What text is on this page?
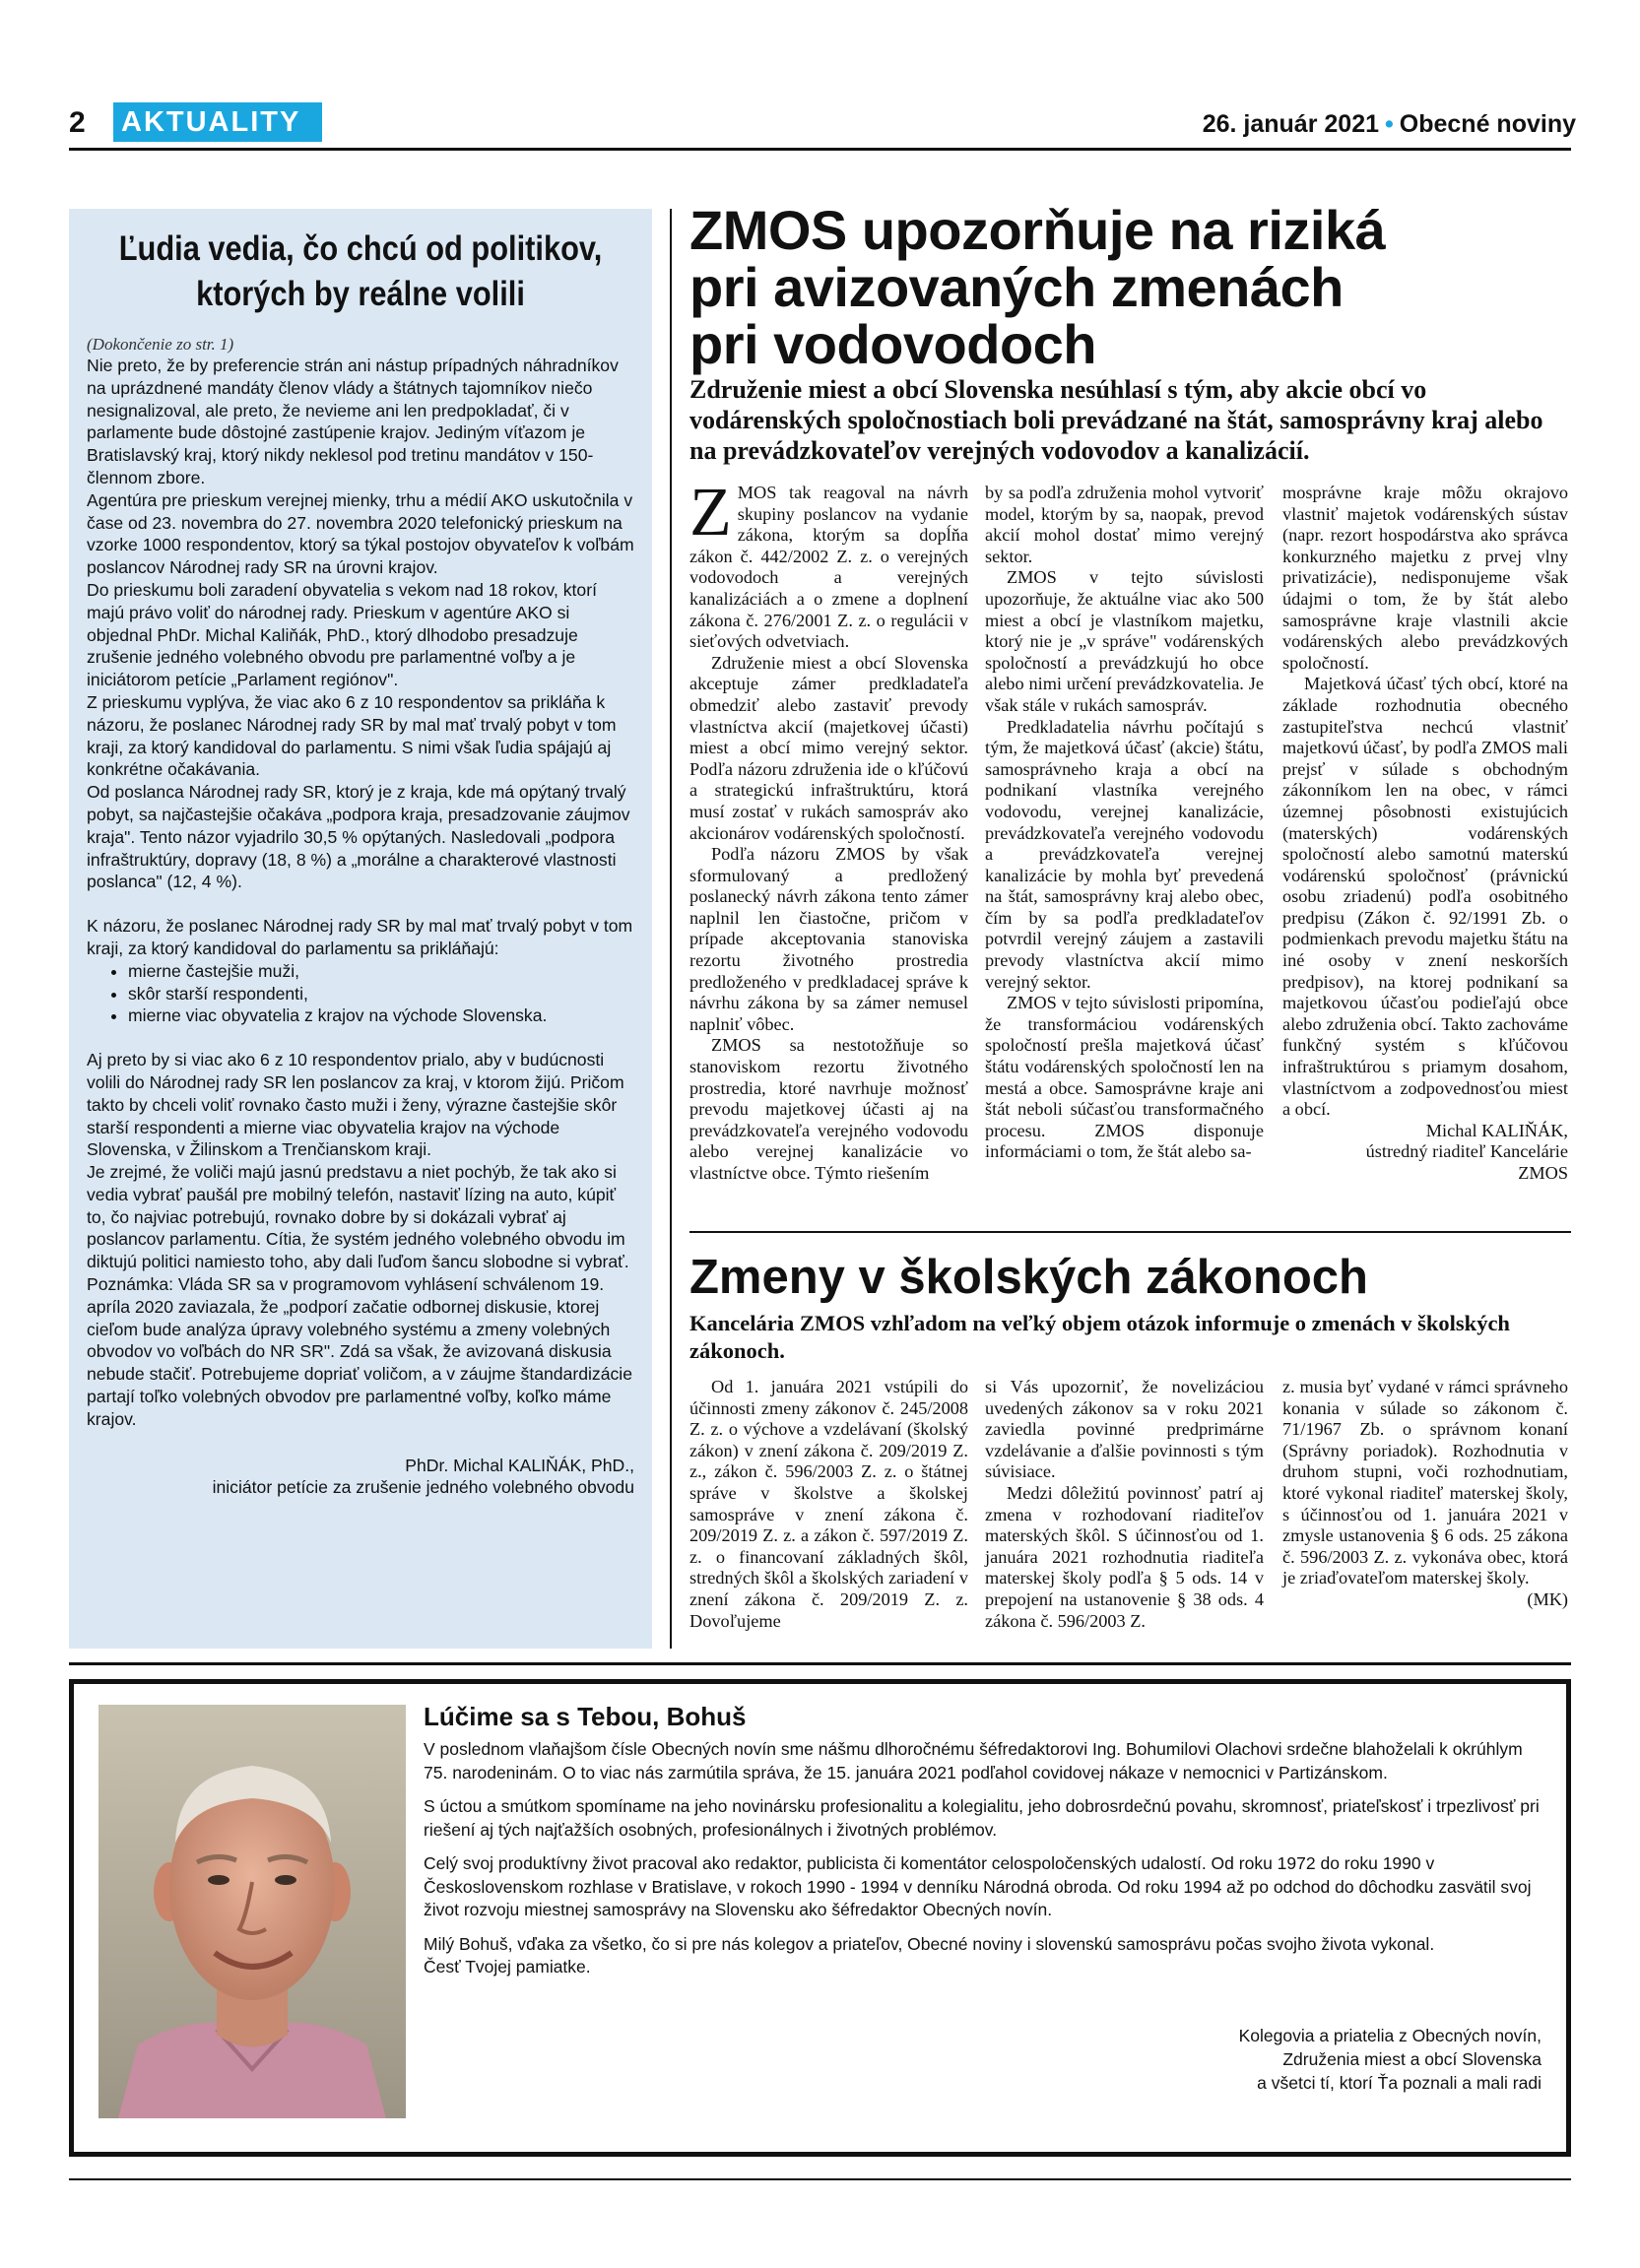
2 AKTUALITY	26. január 2021 • Obecné noviny
Ľudia vedia, čo chcú od politikov, ktorých by reálne volili
(Dokončenie zo str. 1)

Nie preto, že by preferencie strán ani nástup prípadných náhradníkov na uprázdnené mandáty členov vlády a štátnych tajomníkov niečo nesignalizoval, ale preto, že nevieme ani len predpokladať, či v parlamente bude dôstojné zastúpenie krajov. Jediným víťazom je Bratislavský kraj, ktorý nikdy neklesol pod tretinu mandátov v 150-člennom zbore.

Agentúra pre prieskum verejnej mienky, trhu a médií AKO uskutočnila v čase od 23. novembra do 27. novembra 2020 telefonický prieskum na vzorke 1000 respondentov, ktorý sa týkal postojov obyvateľov k voľbám poslancov Národnej rady SR na úrovni krajov.

Do prieskumu boli zaradení obyvatelia s vekom nad 18 rokov, ktorí majú právo voliť do národnej rady. Prieskum v agentúre AKO si objednal PhDr. Michal Kaliňák, PhD., ktorý dlhodobo presadzuje zrušenie jedného volebného obvodu pre parlamentné voľby a je iniciátorom petície „Parlament regiónov".

Z prieskumu vyplýva, že viac ako 6 z 10 respondentov sa prikláňa k názoru, že poslanec Národnej rady SR by mal mať trvalý pobyt v tom kraji, za ktorý kandidoval do parlamentu. S nimi však ľudia spájajú aj konkrétne očakávania.

Od poslanca Národnej rady SR, ktorý je z kraja, kde má opýtaný trvalý pobyt, sa najčastejšie očakáva „podpora kraja, presadzovanie záujmov kraja". Tento názor vyjadrilo 30,5 % opýtaných. Nasledovali „podpora infraštruktúry, dopravy (18, 8 %) a „morálne a charakterové vlastnosti poslanca" (12, 4 %).

K názoru, že poslanec Národnej rady SR by mal mať trvalý pobyt v tom kraji, za ktorý kandidoval do parlamentu sa prikláňajú:

• mierne častejšie muži,
• skôr starší respondenti,
• mierne viac obyvatelia z krajov na východe Slovenska.

Aj preto by si viac ako 6 z 10 respondentov prialo, aby v budúcnosti volili do Národnej rady SR len poslancov za kraj, v ktorom žijú. Pričom takto by chceli voliť rovnako často muži i ženy, výrazne častejšie skôr starší respondenti a mierne viac obyvatelia krajov na východe Slovenska, v Žilinskom a Trenčianskom kraji.

Je zrejmé, že voliči majú jasnú predstavu a niet pochýb, že tak ako si vedia vybrať paušál pre mobilný telefón, nastaviť lízing na auto, kúpiť to, čo najviac potrebujú, rovnako dobre by si dokázali vybrať aj poslancov parlamentu. Cítia, že systém jedného volebného obvodu im diktujú politici namiesto toho, aby dali ľuďom šancu slobodne si vybrať.

Poznámka: Vláda SR sa v programovom vyhlásení schválenom 19. apríla 2020 zaviazala, že „podporí začatie odbornej diskusie, ktorej cieľom bude analýza úpravy volebného systému a zmeny volebných obvodov vo voľbách do NR SR". Zdá sa však, že avizovaná diskusia nebude stačiť. Potrebujeme dopriať voličom, a v záujme štandardizácie partají toľko volebných obvodov pre parlamentné voľby, koľko máme krajov.

PhDr. Michal KALIŇÁK, PhD.,
iniciátor petície za zrušenie jedného volebného obvodu
ZMOS upozorňuje na riziká
pri avizovaných zmenách
pri vodovodoch
Združenie miest a obcí Slovenska nesúhlasí s tým, aby akcie obcí vo vodárenských spoločnostiach boli prevádzané na štát, samosprávny kraj alebo na prevádzkovateľov verejných vodovodov a kanalizácií.

ZMOS tak reagoval na návrh skupiny poslancov na vydanie zákona, ktorým sa dopĺňa zákon č. 442/2002 Z. z. o verejných vodovodoch a verejných kanalizáciách a o zmene a doplnení zákona č. 276/2001 Z. z. o regulácii v sieťových odvetviach.

Združenie miest a obcí Slovenska akceptuje zámer predkladateľa obmedziť alebo zastaviť prevody vlastníctva akcií (majetkovej účasti) miest a obcí mimo verejný sektor. Podľa názoru združenia ide o kľúčovú a strategickú infraštruktúru, ktorá musí zostať v rukách samospráv ako akcionárov vodárenských spoločností.

Podľa názoru ZMOS by však sformulovaný a predložený poslanecký návrh zákona tento zámer naplnil len čiastočne, pričom v prípade akceptovania stanoviska rezortu životného prostredia predloženého v predkladacej správe k návrhu zákona by sa zámer nemusel naplniť vôbec.

ZMOS sa nestotožňuje so stanoviskom rezortu životného prostredia, ktoré navrhuje možnosť prevodu majetkovej účasti aj na prevádzkovateľa verejného vodovodu alebo verejnej kanalizácie vo vlastníctve obce. Týmto riešením

by sa podľa združenia mohol vytvoriť model, ktorým by sa, naopak, prevod akcií mohol dostať mimo verejný sektor.

ZMOS v tejto súvislosti upozorňuje, že aktuálne viac ako 500 miest a obcí je vlastníkom majetku, ktorý nie je „v správe" vodárenských spoločností a prevádzkujú ho obce alebo nimi určení prevádzkovatelia. Je však stále v rukách samospráv.

Predkladatelia návrhu počítajú s tým, že majetková účasť (akcie) štátu, samosprávneho kraja a obcí na podnikaní vlastníka verejného vodovodu, verejnej kanalizácie, prevádzkovateľa verejného vodovodu a prevádzkovateľa verejnej kanalizácie by mohla byť prevedená na štát, samosprávny kraj alebo obec, čím by sa podľa predkladateľov potvrdil verejný záujem a zastavili prevody vlastníctva akcií mimo verejný sektor.

ZMOS v tejto súvislosti pripomína, že transformáciou vodárenských spoločností prešla majetková účasť štátu vodárenských spoločností len na mestá a obce. Samosprávne kraje ani štát neboli súčasťou transformačného procesu. ZMOS disponuje informáciami o tom, že štát alebo sa-

mosprávne kraje môžu okrajovo vlastniť majetok vodárenských sústav (napr. rezort hospodárstva ako správca konkurzného majetku z prvej vlny privatizácie), nedisponujeme však údajmi o tom, že by štát alebo samosprávne kraje vlastnili akcie vodárenských alebo prevádzkových spoločností.

Majetková účasť tých obcí, ktoré na základe rozhodnutia obecného zastupiteľstva nechcú vlastniť majetkovú účasť, by podľa ZMOS mali prejsť v súlade s obchodným zákonníkom len na obec, v rámci územnej pôsobnosti existujúcich (materských) vodárenských spoločností alebo samotnú materskú vodárenskú spoločnosť (právnickú osobu zriadenú) podľa osobitného predpisu (Zákon č. 92/1991 Zb. o podmienkach prevodu majetku štátu na iné osoby v znení neskorších predpisov), na ktorej podnikaní sa majetkovou účasťou podieľajú obce alebo združenia obcí. Takto zachováme funkčný systém s kľúčovou infraštruktúrou s priamym dosahom, vlastníctvom a zodpovednosťou miest a obcí.

Michal KALIŇÁK,
ústredný riaditeľ Kancelárie
ZMOS
Zmeny v školských zákonoch
Kancelária ZMOS vzhľadom na veľký objem otázok informuje o zmenách v školských zákonoch.

Od 1. januára 2021 vstúpili do účinnosti zmeny zákonov č. 245/2008 Z. z. o výchove a vzdelávaní (školský zákon) v znení zákona č. 209/2019 Z. z., zákon č. 596/2003 Z. z. o štátnej správe v školstve a školskej samospráve v znení zákona č. 209/2019 Z. z. a zákon č. 597/2019 Z. z. o financovaní základných škôl, stredných škôl a školských zariadení v znení zákona č. 209/2019 Z. z. Dovoľujeme

si Vás upozorniť, že novelizáciou uvedených zákonov sa v roku 2021 zaviedla povinné predprimárne vzdelávanie a ďalšie povinnosti s tým súvisiace.

Medzi dôležitú povinnosť patrí aj zmena v rozhodovaní riaditeľov materských škôl. S účinnosťou od 1. januára 2021 rozhodnutia riaditeľa materskej školy podľa § 5 ods. 14 v prepojení na ustanovenie § 38 ods. 4 zákona č. 596/2003 Z.

z. musia byť vydané v rámci správneho konania v súlade so zákonom č. 71/1967 Zb. o správnom konaní (Správny poriadok). Rozhodnutia v druhom stupni, voči rozhodnutiam, ktoré vykonal riaditeľ materskej školy, s účinnosťou od 1. januára 2021 v zmysle ustanovenia § 6 ods. 25 zákona č. 596/2003 Z. z. vykonáva obec, ktorá je zriaďovateľom materskej školy.

(MK)
Lúčime sa s Tebou, Bohuš

V poslednom vlaňajšom čísle Obecných novín sme nášmu dlhoročnému šéfredaktorovi Ing. Bohumilovi Olachovi srdečne blahoželali k okrúhlym 75. narodeninám. O to viac nás zarmútila správa, že 15. januára 2021 podľahol covidovej nákaze v nemocnici v Partizánskom.

S úctou a smútkom spomíname na jeho novinársku profesionalitu a kolegialitu, jeho dobrosrdečnú povahu, skromnosť, priateľskosť i trpezlivosť pri riešení aj tých najťažších osobných, profesionálnych i životných problémov.

Celý svoj produktívny život pracoval ako redaktor, publicista či komentátor celospoločenských udalostí. Od roku 1972 do roku 1990 v Československom rozhlase v Bratislave, v rokoch 1990 - 1994 v denníku Národná obroda. Od roku 1994 až po odchod do dôchodku zasvätil svoj život rozvoju miestnej samosprávy na Slovensku ako šéfredaktor Obecných novín.

Milý Bohuš, vďaka za všetko, čo si pre nás kolegov a priateľov, Obecné noviny i slovenskú samosprávu počas svojho života vykonal.

Česť Tvojej pamiatke.

Kolegovia a priatelia z Obecných novín,
Združenia miest a obcí Slovenska
a všetci tí, ktorí Ťa poznali a mali radi
